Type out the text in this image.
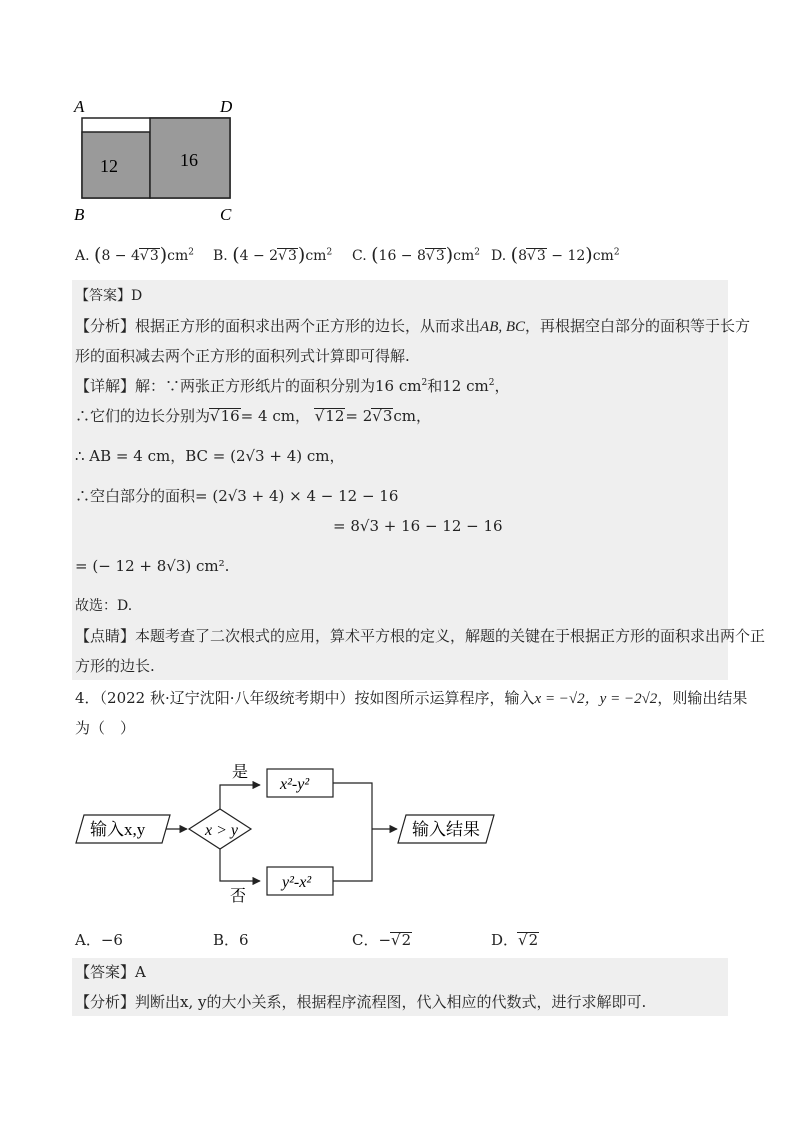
A	D
B	C
12	16
A. $(8 - 4√3)cm^2$ B. $(4 - 2√3)cm^2$ C. $(16 - 8√3)cm^2$ D. $(8√3 - 12)cm^2$
【答案】D
【分析】根据正方形的面积求出两个正方形的边长，从而求出AB, BC，再根据空白部分的面积等于长方
形的面积减去两个正方形的面积列式计算即可得解.
【详解】解：∵两张正方形纸片的面积分别为16 $cm^2$和12 $cm^2$，
∴它们的边长分别为√16= 4 cm， √12= 2√3cm，
∴ AB = 4 cm，BC = (2√3 + 4) cm，
∴空白部分的面积= (2√3 + 4) × 4 − 12 − 16
= 8√3 + 16 − 12 − 16
= (− 12 + 8√3) cm².
故选：D.
【点睛】本题考查了二次根式的应用，算术平方根的定义，解题的关键在于根据正方形的面积求出两个正
方形的边长.
4．（2022 秋·辽宁沈阳·八年级统考期中）按如图所示运算程序，输入x = −√2，y = −2√2，则输出结果
为（　）
输入x,y	x > y
是
x²-y²
否
y²-x²
输入结果
A．−6	B．6	C．−√2	D．√2
【答案】A
【分析】判断出x, y的大小关系，根据程序流程图，代入相应的代数式，进行求解即可.
